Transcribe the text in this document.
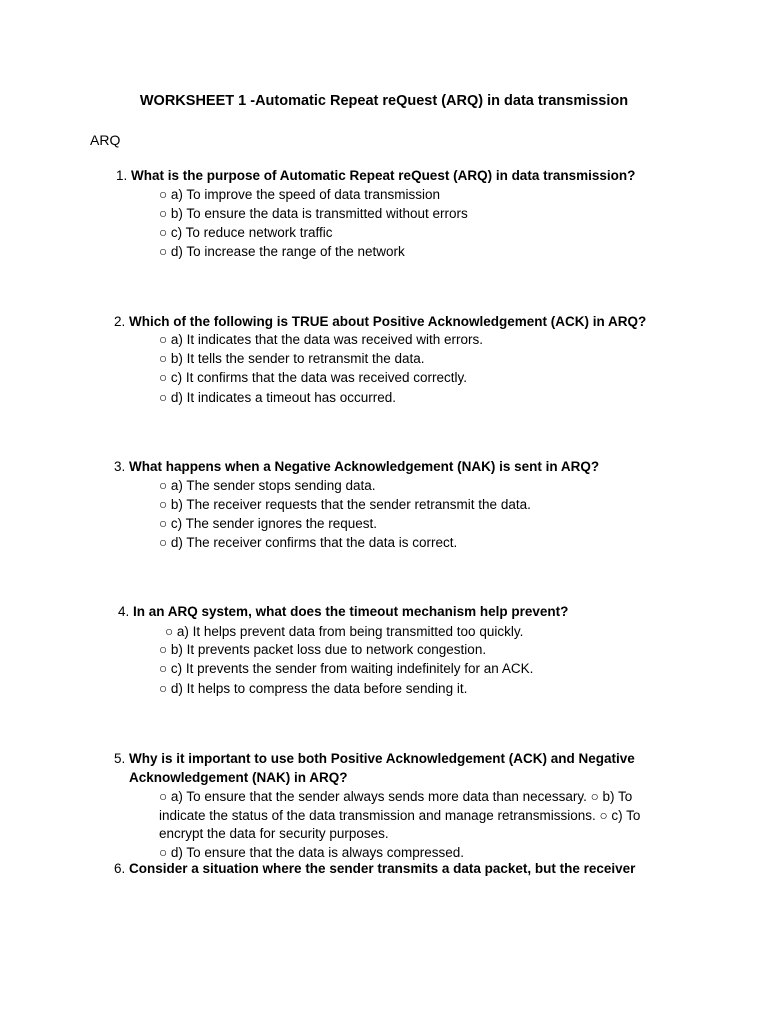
WORKSHEET 1 -Automatic Repeat reQuest (ARQ) in data transmission
ARQ
1. What is the purpose of Automatic Repeat reQuest (ARQ) in data transmission?
○ a) To improve the speed of data transmission
○ b) To ensure the data is transmitted without errors
○ c) To reduce network traffic
○ d) To increase the range of the network
2. Which of the following is TRUE about Positive Acknowledgement (ACK) in ARQ?
○ a) It indicates that the data was received with errors.
○ b) It tells the sender to retransmit the data.
○ c) It confirms that the data was received correctly.
○ d) It indicates a timeout has occurred.
3. What happens when a Negative Acknowledgement (NAK) is sent in ARQ?
○ a) The sender stops sending data.
○ b) The receiver requests that the sender retransmit the data.
○ c) The sender ignores the request.
○ d) The receiver confirms that the data is correct.
4. In an ARQ system, what does the timeout mechanism help prevent?
○ a) It helps prevent data from being transmitted too quickly.
○ b) It prevents packet loss due to network congestion.
○ c) It prevents the sender from waiting indefinitely for an ACK.
○ d) It helps to compress the data before sending it.
5. Why is it important to use both Positive Acknowledgement (ACK) and Negative Acknowledgement (NAK) in ARQ?
○ a) To ensure that the sender always sends more data than necessary. ○ b) To indicate the status of the data transmission and manage retransmissions. ○ c) To encrypt the data for security purposes.
○ d) To ensure that the data is always compressed.
6. Consider a situation where the sender transmits a data packet, but the receiver
